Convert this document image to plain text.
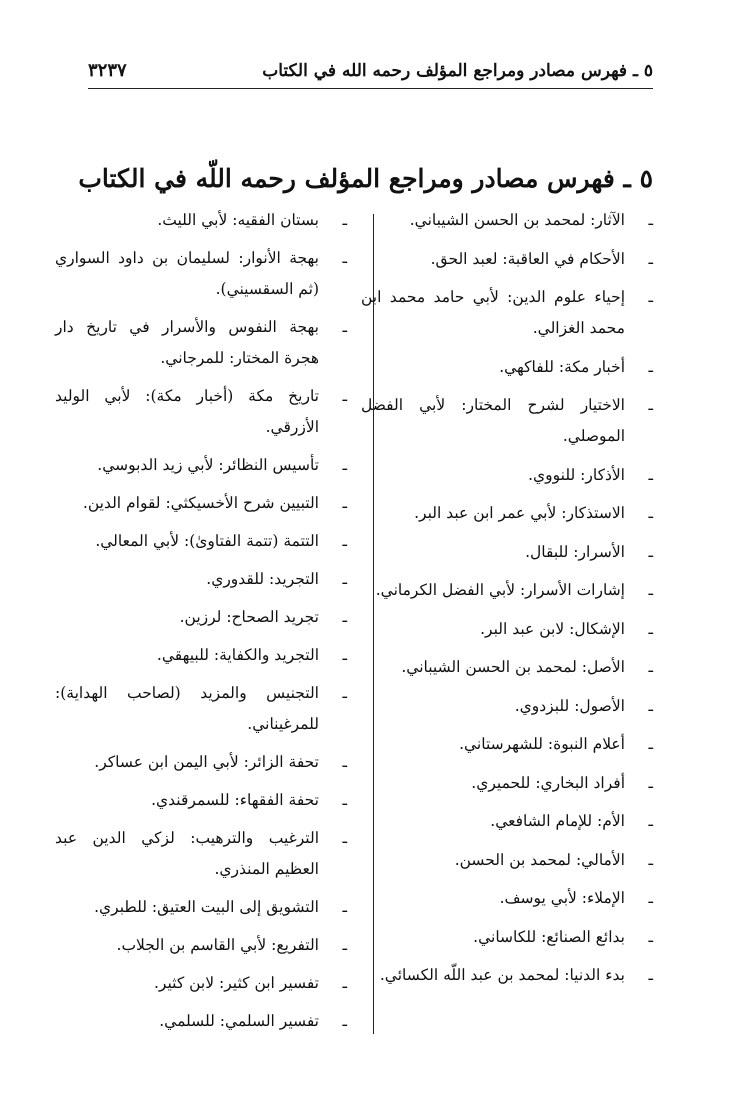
٥ ـ فهرس مصادر ومراجع المؤلف رحمه الله في الكتاب
٣٢٣٧
٥ ـ فهرس مصادر ومراجع المؤلف رحمه اللّه في الكتاب
ـ
الآثار: لمحمد بن الحسن الشيباني.
ـ
الأحكام في العاقبة: لعبد الحق.
ـ
إحياء علوم الدين: لأبي حامد محمد ابن محمد الغزالي.
ـ
أخبار مكة: للفاكهي.
ـ
الاختيار لشرح المختار: لأبي الفضل الموصلي.
ـ
الأذكار: للنووي.
ـ
الاستذكار: لأبي عمر ابن عبد البر.
ـ
الأسرار: للبقال.
ـ
إشارات الأسرار: لأبي الفضل الكرماني.
ـ
الإشكال: لابن عبد البر.
ـ
الأصل: لمحمد بن الحسن الشيباني.
ـ
الأصول: للبزدوي.
ـ
أعلام النبوة: للشهرستاني.
ـ
أفراد البخاري: للحميري.
ـ
الأم: للإمام الشافعي.
ـ
الأمالي: لمحمد بن الحسن.
ـ
الإملاء: لأبي يوسف.
ـ
بدائع الصنائع: للكاساني.
ـ
بدء الدنيا: لمحمد بن عبد اللّه الكسائي.
ـ
بستان الفقيه: لأبي الليث.
ـ
بهجة الأنوار: لسليمان بن داود السواري (ثم السقسيني).
ـ
بهجة النفوس والأسرار في تاريخ دار هجرة المختار: للمرجاني.
ـ
تاريخ مكة (أخبار مكة): لأبي الوليد الأزرقي.
ـ
تأسيس النظائر: لأبي زيد الدبوسي.
ـ
التبيين شرح الأخسيكثي: لقوام الدين.
ـ
التتمة (تتمة الفتاوىٰ): لأبي المعالي.
ـ
التجريد: للقدوري.
ـ
تجريد الصحاح: لرزين.
ـ
التجريد والكفاية: للبيهقي.
ـ
التجنيس والمزيد (لصاحب الهداية): للمرغيناني.
ـ
تحفة الزائر: لأبي اليمن ابن عساكر.
ـ
تحفة الفقهاء: للسمرقندي.
ـ
الترغيب والترهيب: لزكي الدين عبد العظيم المنذري.
ـ
التشويق إلى البيت العتيق: للطبري.
ـ
التفريع: لأبي القاسم بن الجلاب.
ـ
تفسير ابن كثير: لابن كثير.
ـ
تفسير السلمي: للسلمي.
